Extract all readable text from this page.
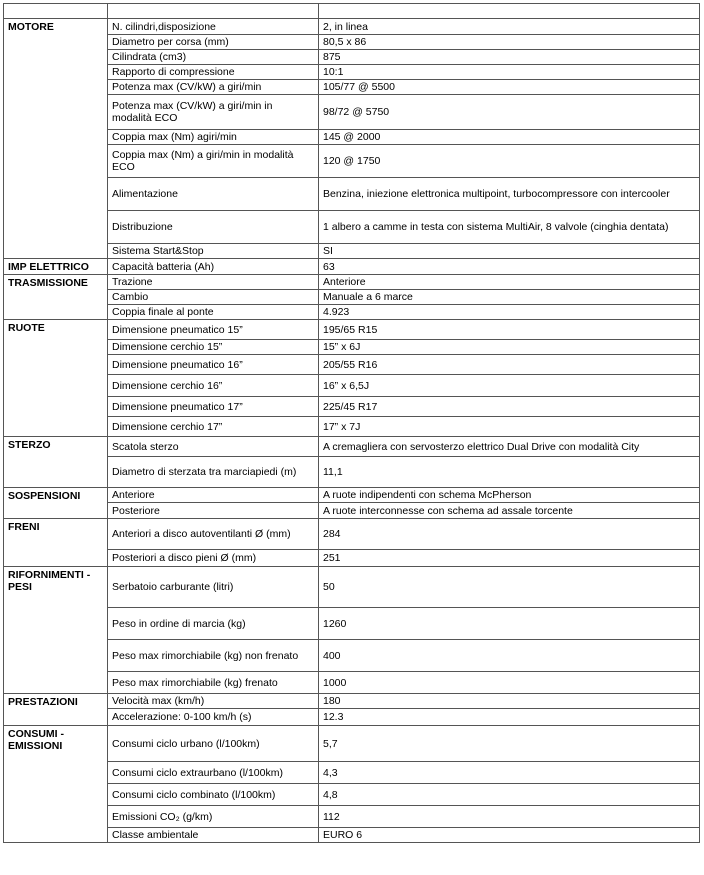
MOTORE	N. cilindri,disposizione	2, in linea
	Diametro per corsa (mm)	80,5 x 86
	Cilindrata (cm3)	875
	Rapporto di compressione	10:1
	Potenza max (CV/kW) a giri/min	105/77 @ 5500
	Potenza max (CV/kW) a giri/min in modalità ECO	98/72 @ 5750
	Coppia max (Nm) agiri/min	145 @ 2000
	Coppia max (Nm) a giri/min in modalità ECO	120 @ 1750
	Alimentazione	Benzina, iniezione elettronica multipoint, turbocompressore con intercooler
	Distribuzione	1 albero a camme in testa con sistema MultiAir, 8 valvole (cinghia dentata)
	Sistema Start&Stop	SI
IMP ELETTRICO	Capacità batteria (Ah)	63
TRASMISSIONE	Trazione	Anteriore
	Cambio	Manuale a 6 marce
	Coppia finale al ponte	4.923
RUOTE	Dimensione pneumatico 15”	195/65 R15
	Dimensione cerchio 15”	15” x 6J
	Dimensione pneumatico 16”	205/55 R16
	Dimensione cerchio 16”	16” x 6,5J
	Dimensione pneumatico 17”	225/45 R17
	Dimensione cerchio 17”	17” x 7J
STERZO	Scatola sterzo	A cremagliera con servosterzo elettrico Dual Drive con modalità City
	Diametro di sterzata tra marciapiedi (m)	11,1
SOSPENSIONI	Anteriore	A ruote indipendenti con schema McPherson
	Posteriore	A ruote interconnesse con schema ad assale torcente
FRENI	Anteriori a disco autoventilanti Ø (mm)	284
	Posteriori a disco pieni Ø (mm)	251
RIFORNIMENTI - PESI	Serbatoio carburante (litri)	50
	Peso in ordine di marcia (kg)	1260
	Peso max rimorchiabile (kg) non frenato	400
	Peso max rimorchiabile (kg) frenato	1000
PRESTAZIONI	Velocità max (km/h)	180
	Accelerazione: 0-100 km/h (s)	12.3
CONSUMI - EMISSIONI	Consumi ciclo urbano (l/100km)	5,7
	Consumi ciclo extraurbano (l/100km)	4,3
	Consumi ciclo combinato (l/100km)	4,8
	Emissioni CO₂ (g/km)	112
	Classe ambientale	EURO 6
